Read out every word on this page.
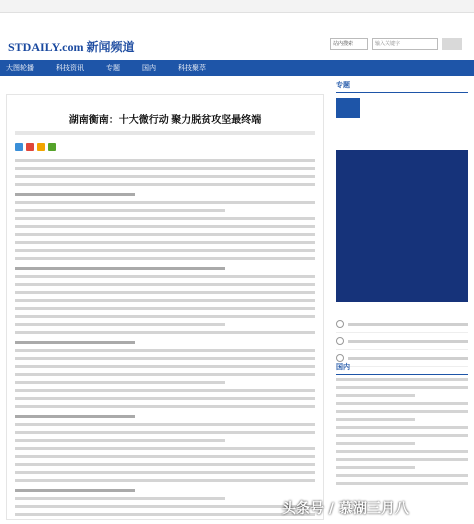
STDAILY.com 新闻频道	站内搜索	输入关键字
大图轮播	科技资讯	专题	国内	科技聚萃
湖南衡南：十大微行动 聚力脱贫攻坚最终端
专题
国内
头条号 / 慕湖三月八
